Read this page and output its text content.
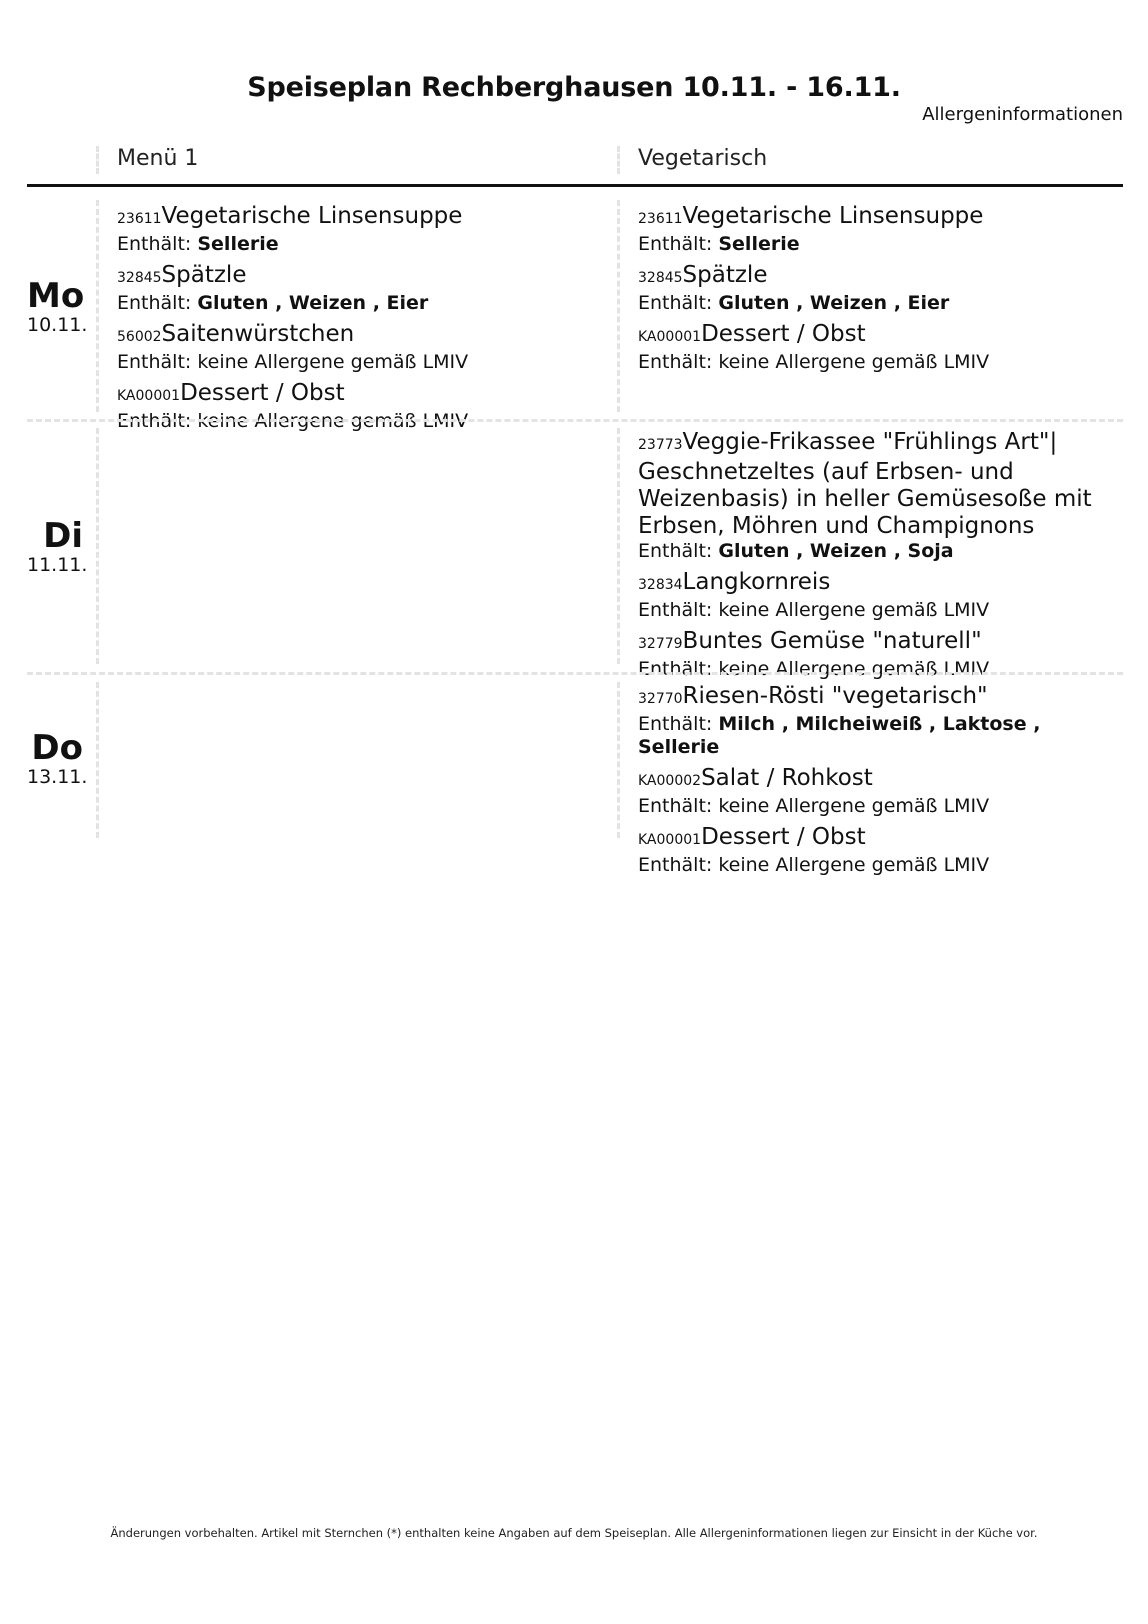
Speiseplan Rechberghausen 10.11. - 16.11.
Allergeninformationen
Menü 1	Vegetarisch
Mo
10.11.
23611Vegetarische Linsensuppe
Enthält: Sellerie
32845Spätzle
Enthält: Gluten , Weizen , Eier
56002Saitenwürstchen
Enthält: keine Allergene gemäß LMIV
KA00001Dessert / Obst
Enthält: keine Allergene gemäß LMIV
23611Vegetarische Linsensuppe
Enthält: Sellerie
32845Spätzle
Enthält: Gluten , Weizen , Eier
KA00001Dessert / Obst
Enthält: keine Allergene gemäß LMIV
Di
11.11.
23773Veggie-Frikassee "Frühlings Art"| Geschnetzeltes (auf Erbsen- und Weizenbasis) in heller Gemüsesoße mit Erbsen, Möhren und Champignons
Enthält: Gluten , Weizen , Soja
32834Langkornreis
Enthält: keine Allergene gemäß LMIV
32779Buntes Gemüse "naturell"
Enthält: keine Allergene gemäß LMIV
Do
13.11.
32770Riesen-Rösti "vegetarisch"
Enthält: Milch , Milcheiweiß , Laktose , Sellerie
KA00002Salat / Rohkost
Enthält: keine Allergene gemäß LMIV
KA00001Dessert / Obst
Enthält: keine Allergene gemäß LMIV
Änderungen vorbehalten. Artikel mit Sternchen (*) enthalten keine Angaben auf dem Speiseplan. Alle Allergeninformationen liegen zur Einsicht in der Küche vor.
